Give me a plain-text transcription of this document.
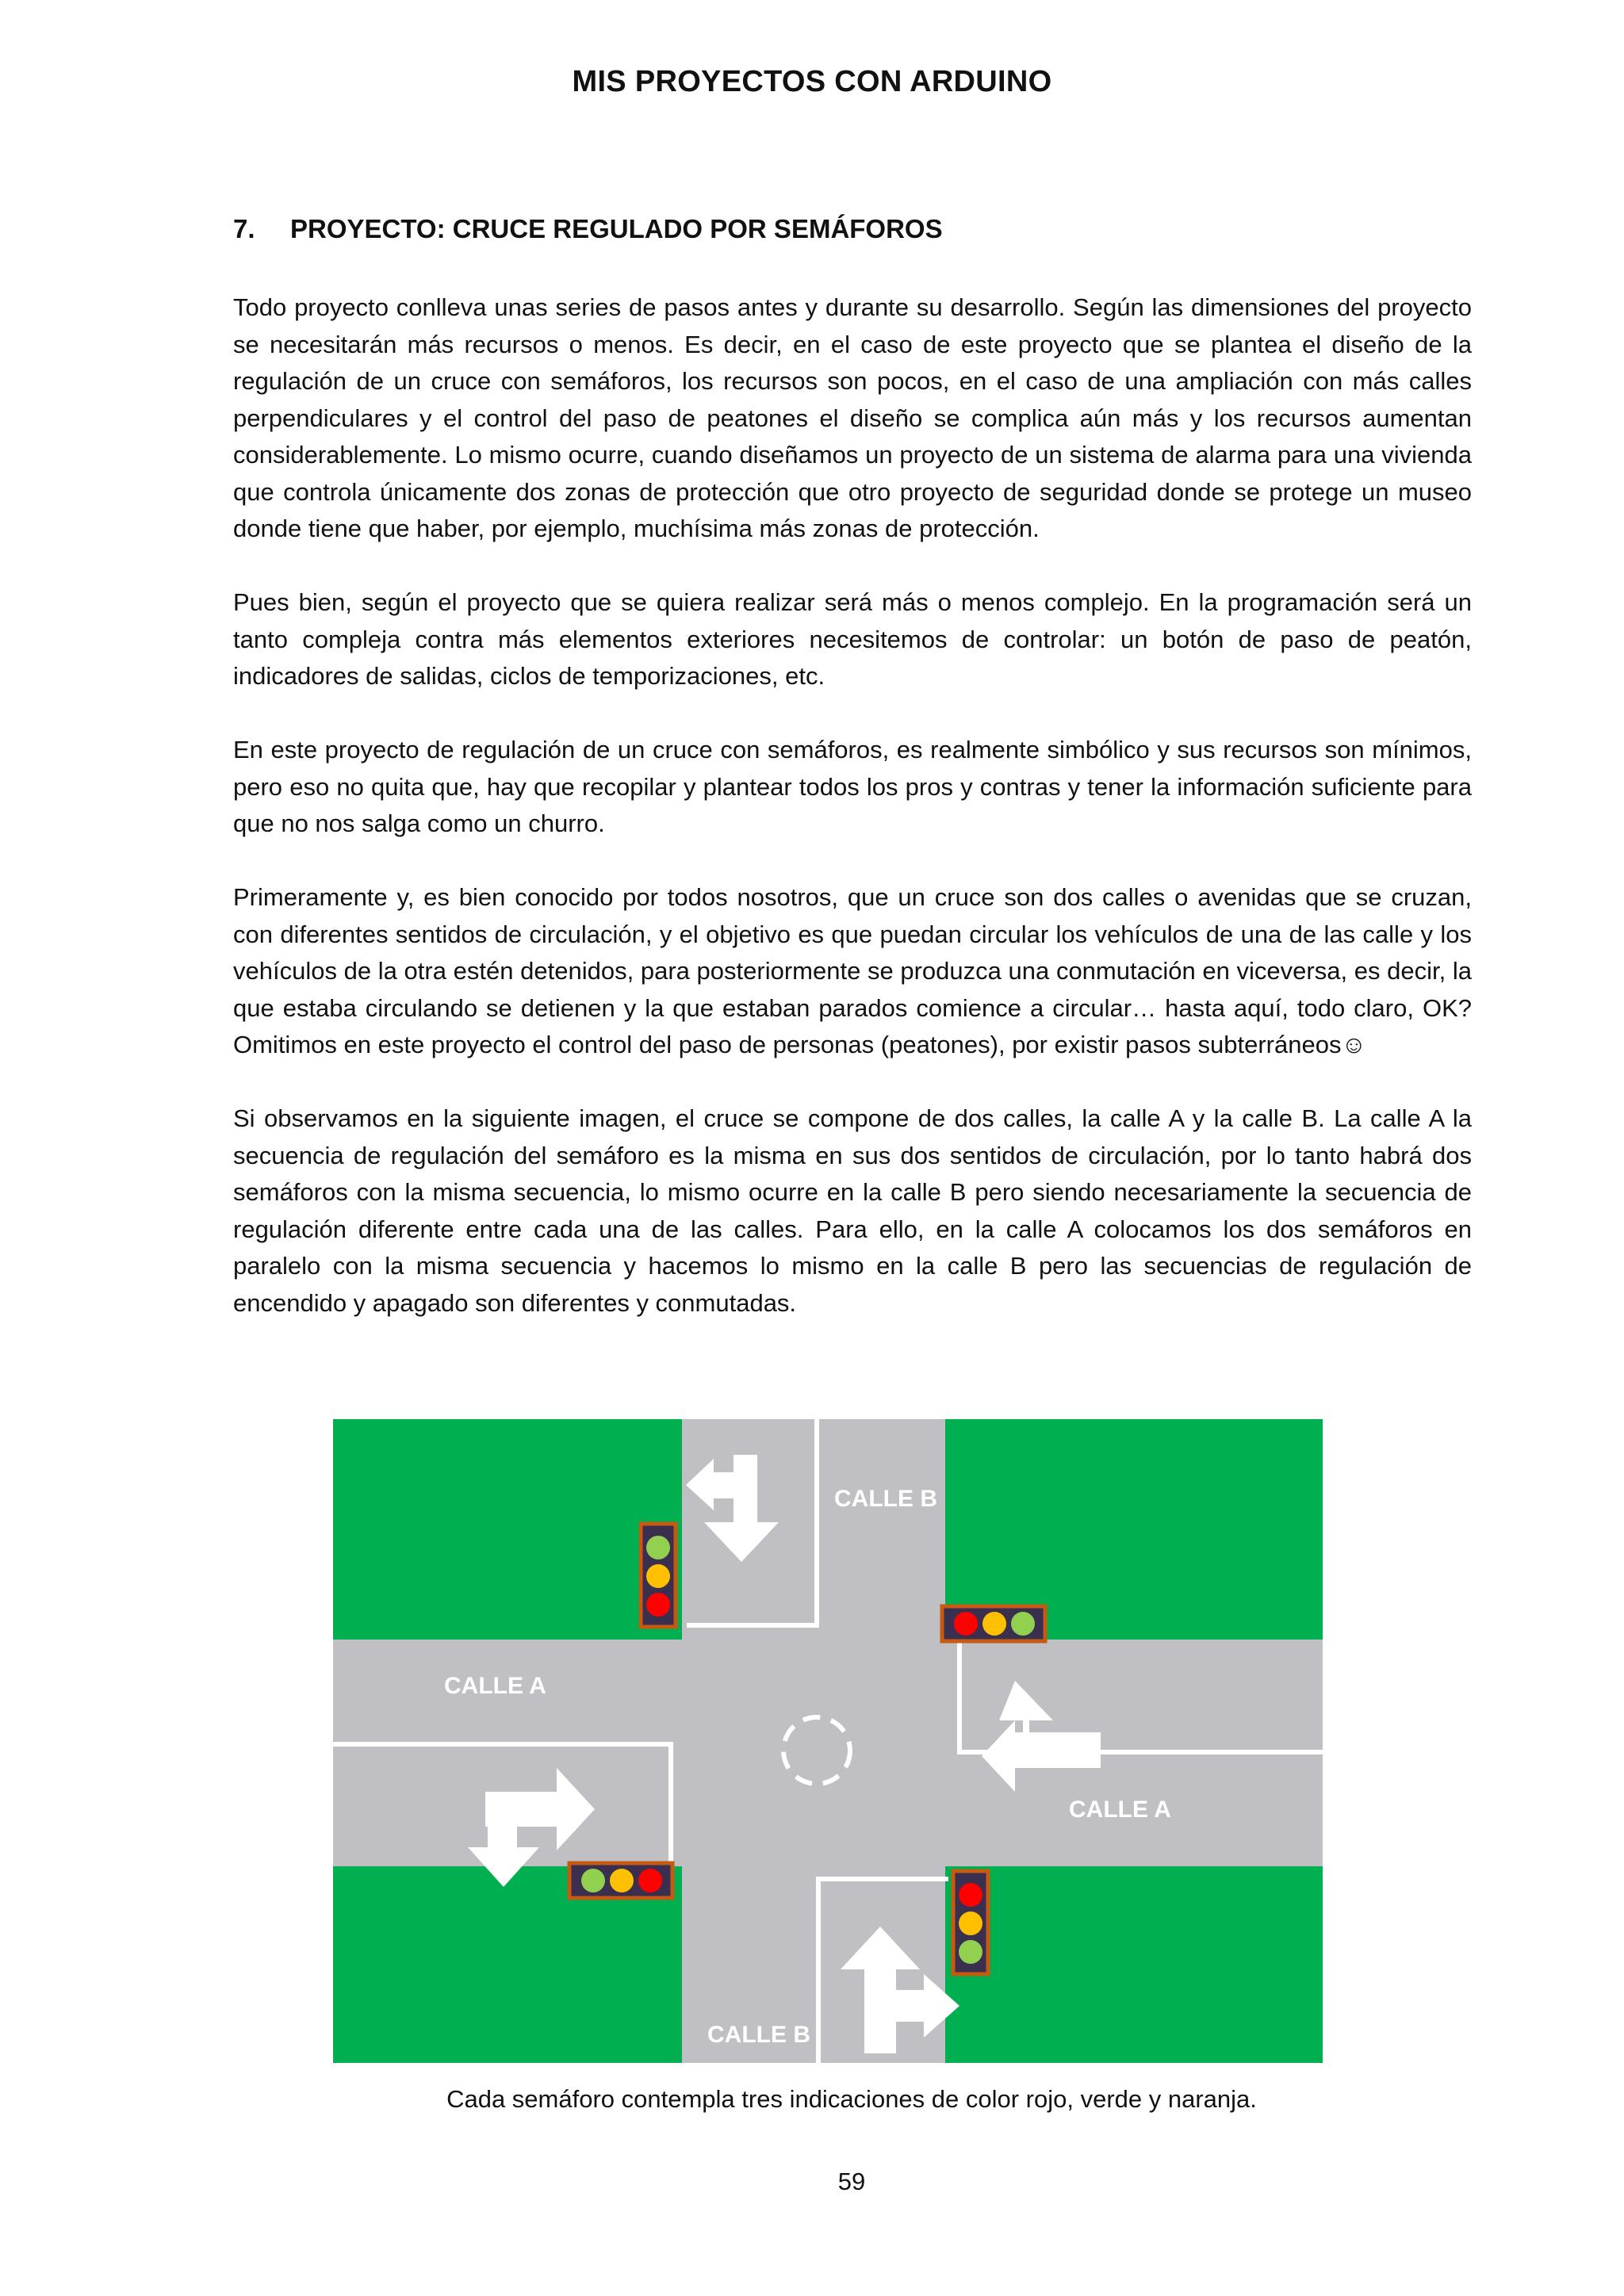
MIS PROYECTOS CON ARDUINO
7. PROYECTO: CRUCE REGULADO POR SEMÁFOROS

Todo proyecto conlleva unas series de pasos antes y durante su desarrollo. Según las dimensiones del proyecto se necesitarán más recursos o menos. Es decir, en el caso de este proyecto que se plantea el diseño de la regulación de un cruce con semáforos, los recursos son pocos, en el caso de una ampliación con más calles perpendiculares y el control del paso de peatones el diseño se complica aún más y los recursos aumentan considerablemente. Lo mismo ocurre, cuando diseñamos un proyecto de un sistema de alarma para una vivienda que controla únicamente dos zonas de protección que otro proyecto de seguridad donde se protege un museo donde tiene que haber, por ejemplo, muchísima más zonas de protección.

Pues bien, según el proyecto que se quiera realizar será más o menos complejo. En la programación será un tanto compleja contra más elementos exteriores necesitemos de controlar: un botón de paso de peatón, indicadores de salidas, ciclos de temporizaciones, etc.

En este proyecto de regulación de un cruce con semáforos, es realmente simbólico y sus recursos son mínimos, pero eso no quita que, hay que recopilar y plantear todos los pros y contras y tener la información suficiente para que no nos salga como un churro.

Primeramente y, es bien conocido por todos nosotros, que un cruce son dos calles o avenidas que se cruzan, con diferentes sentidos de circulación, y el objetivo es que puedan circular los vehículos de una de las calle y los vehículos de la otra estén detenidos, para posteriormente se produzca una conmutación en viceversa, es decir, la que estaba circulando se detienen y la que estaban parados comience a circular… hasta aquí, todo claro, OK? Omitimos en este proyecto el control del paso de personas (peatones), por existir pasos subterráneos☺

Si observamos en la siguiente imagen, el cruce se compone de dos calles, la calle A y la calle B. La calle A la secuencia de regulación del semáforo es la misma en sus dos sentidos de circulación, por lo tanto habrá dos semáforos con la misma secuencia, lo mismo ocurre en la calle B pero siendo necesariamente la secuencia de regulación diferente entre cada una de las calles. Para ello, en la calle A colocamos los dos semáforos en paralelo con la misma secuencia y hacemos lo mismo en la calle B pero las secuencias de regulación de encendido y apagado son diferentes y conmutadas.

CALLE B
CALLE A
CALLE A
CALLE B
Cada semáforo contempla tres indicaciones de color rojo, verde y naranja.
59
